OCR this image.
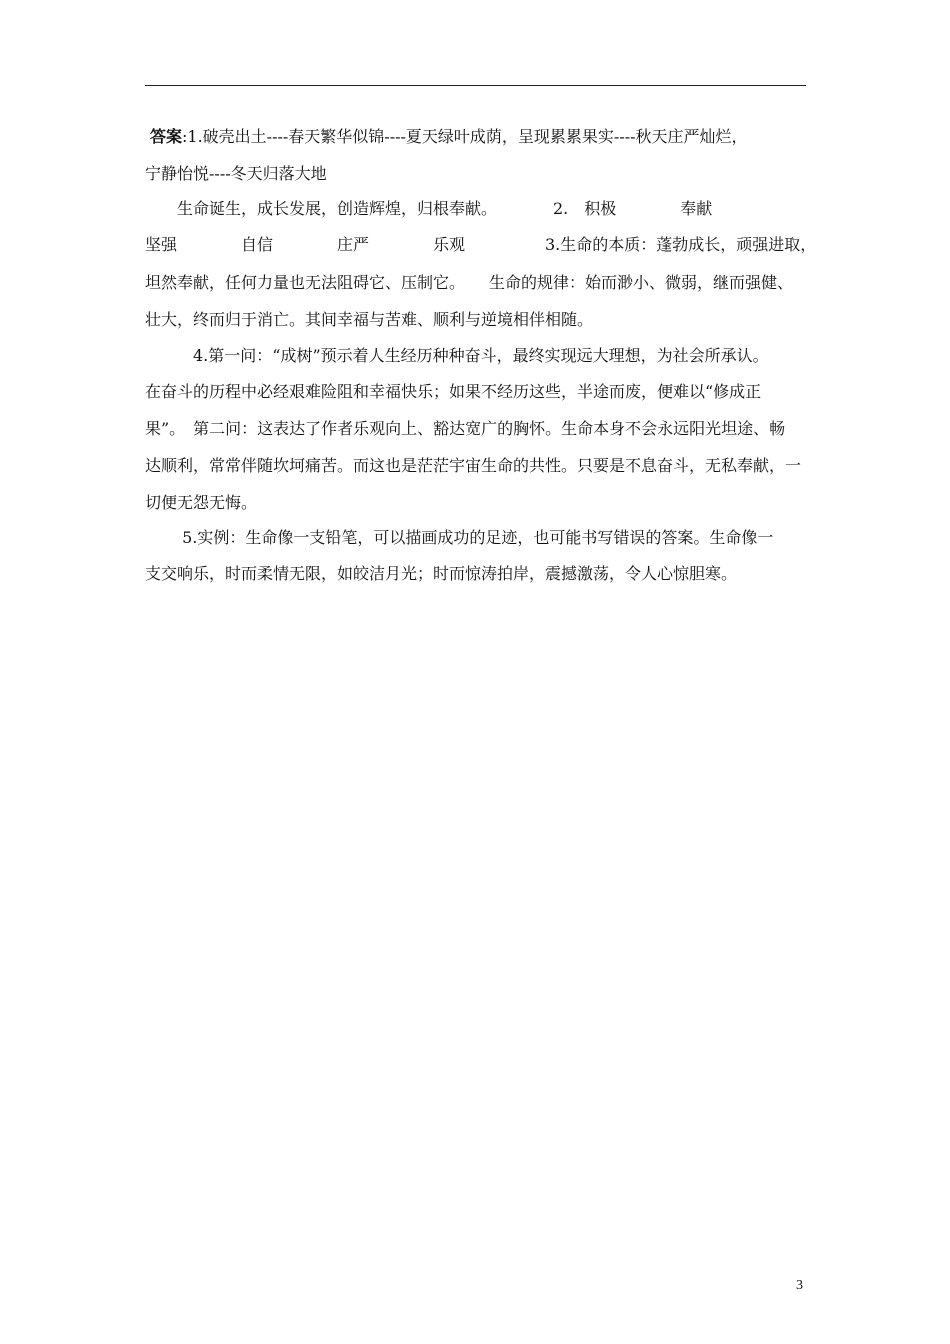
答案:1.破壳出土----春天繁华似锦----夏天绿叶成荫，呈现累累果实----秋天庄严灿烂，
宁静怡悦----冬天归落大地
　　生命诞生，成长发展，创造辉煌，归根奉献。　　　　2.　积极　　　　奉献
坚强　　　　自信　　　　庄严　　　　乐观　　　　　3.生命的本质：蓬勃成长，顽强进取，
坦然奉献，任何力量也无法阻碍它、压制它。　　生命的规律：始而渺小、微弱，继而强健、
壮大，终而归于消亡。其间幸福与苦难、顺利与逆境相伴相随。
　　　4.第一问：“成树”预示着人生经历种种奋斗，最终实现远大理想，为社会所承认。
在奋斗的历程中必经艰难险阻和幸福快乐；如果不经历这些，半途而废，便难以“修成正
果”。　第二问：这表达了作者乐观向上、豁达宽广的胸怀。生命本身不会永远阳光坦途、畅
达顺利，常常伴随坎坷痛苦。而这也是茫茫宇宙生命的共性。只要是不息奋斗，无私奉献，一
切便无怨无悔。
　　 5.实例：生命像一支铅笔，可以描画成功的足迹，也可能书写错误的答案。生命像一
支交响乐，时而柔情无限，如皎洁月光；时而惊涛拍岸，震撼激荡，令人心惊胆寒。
3
